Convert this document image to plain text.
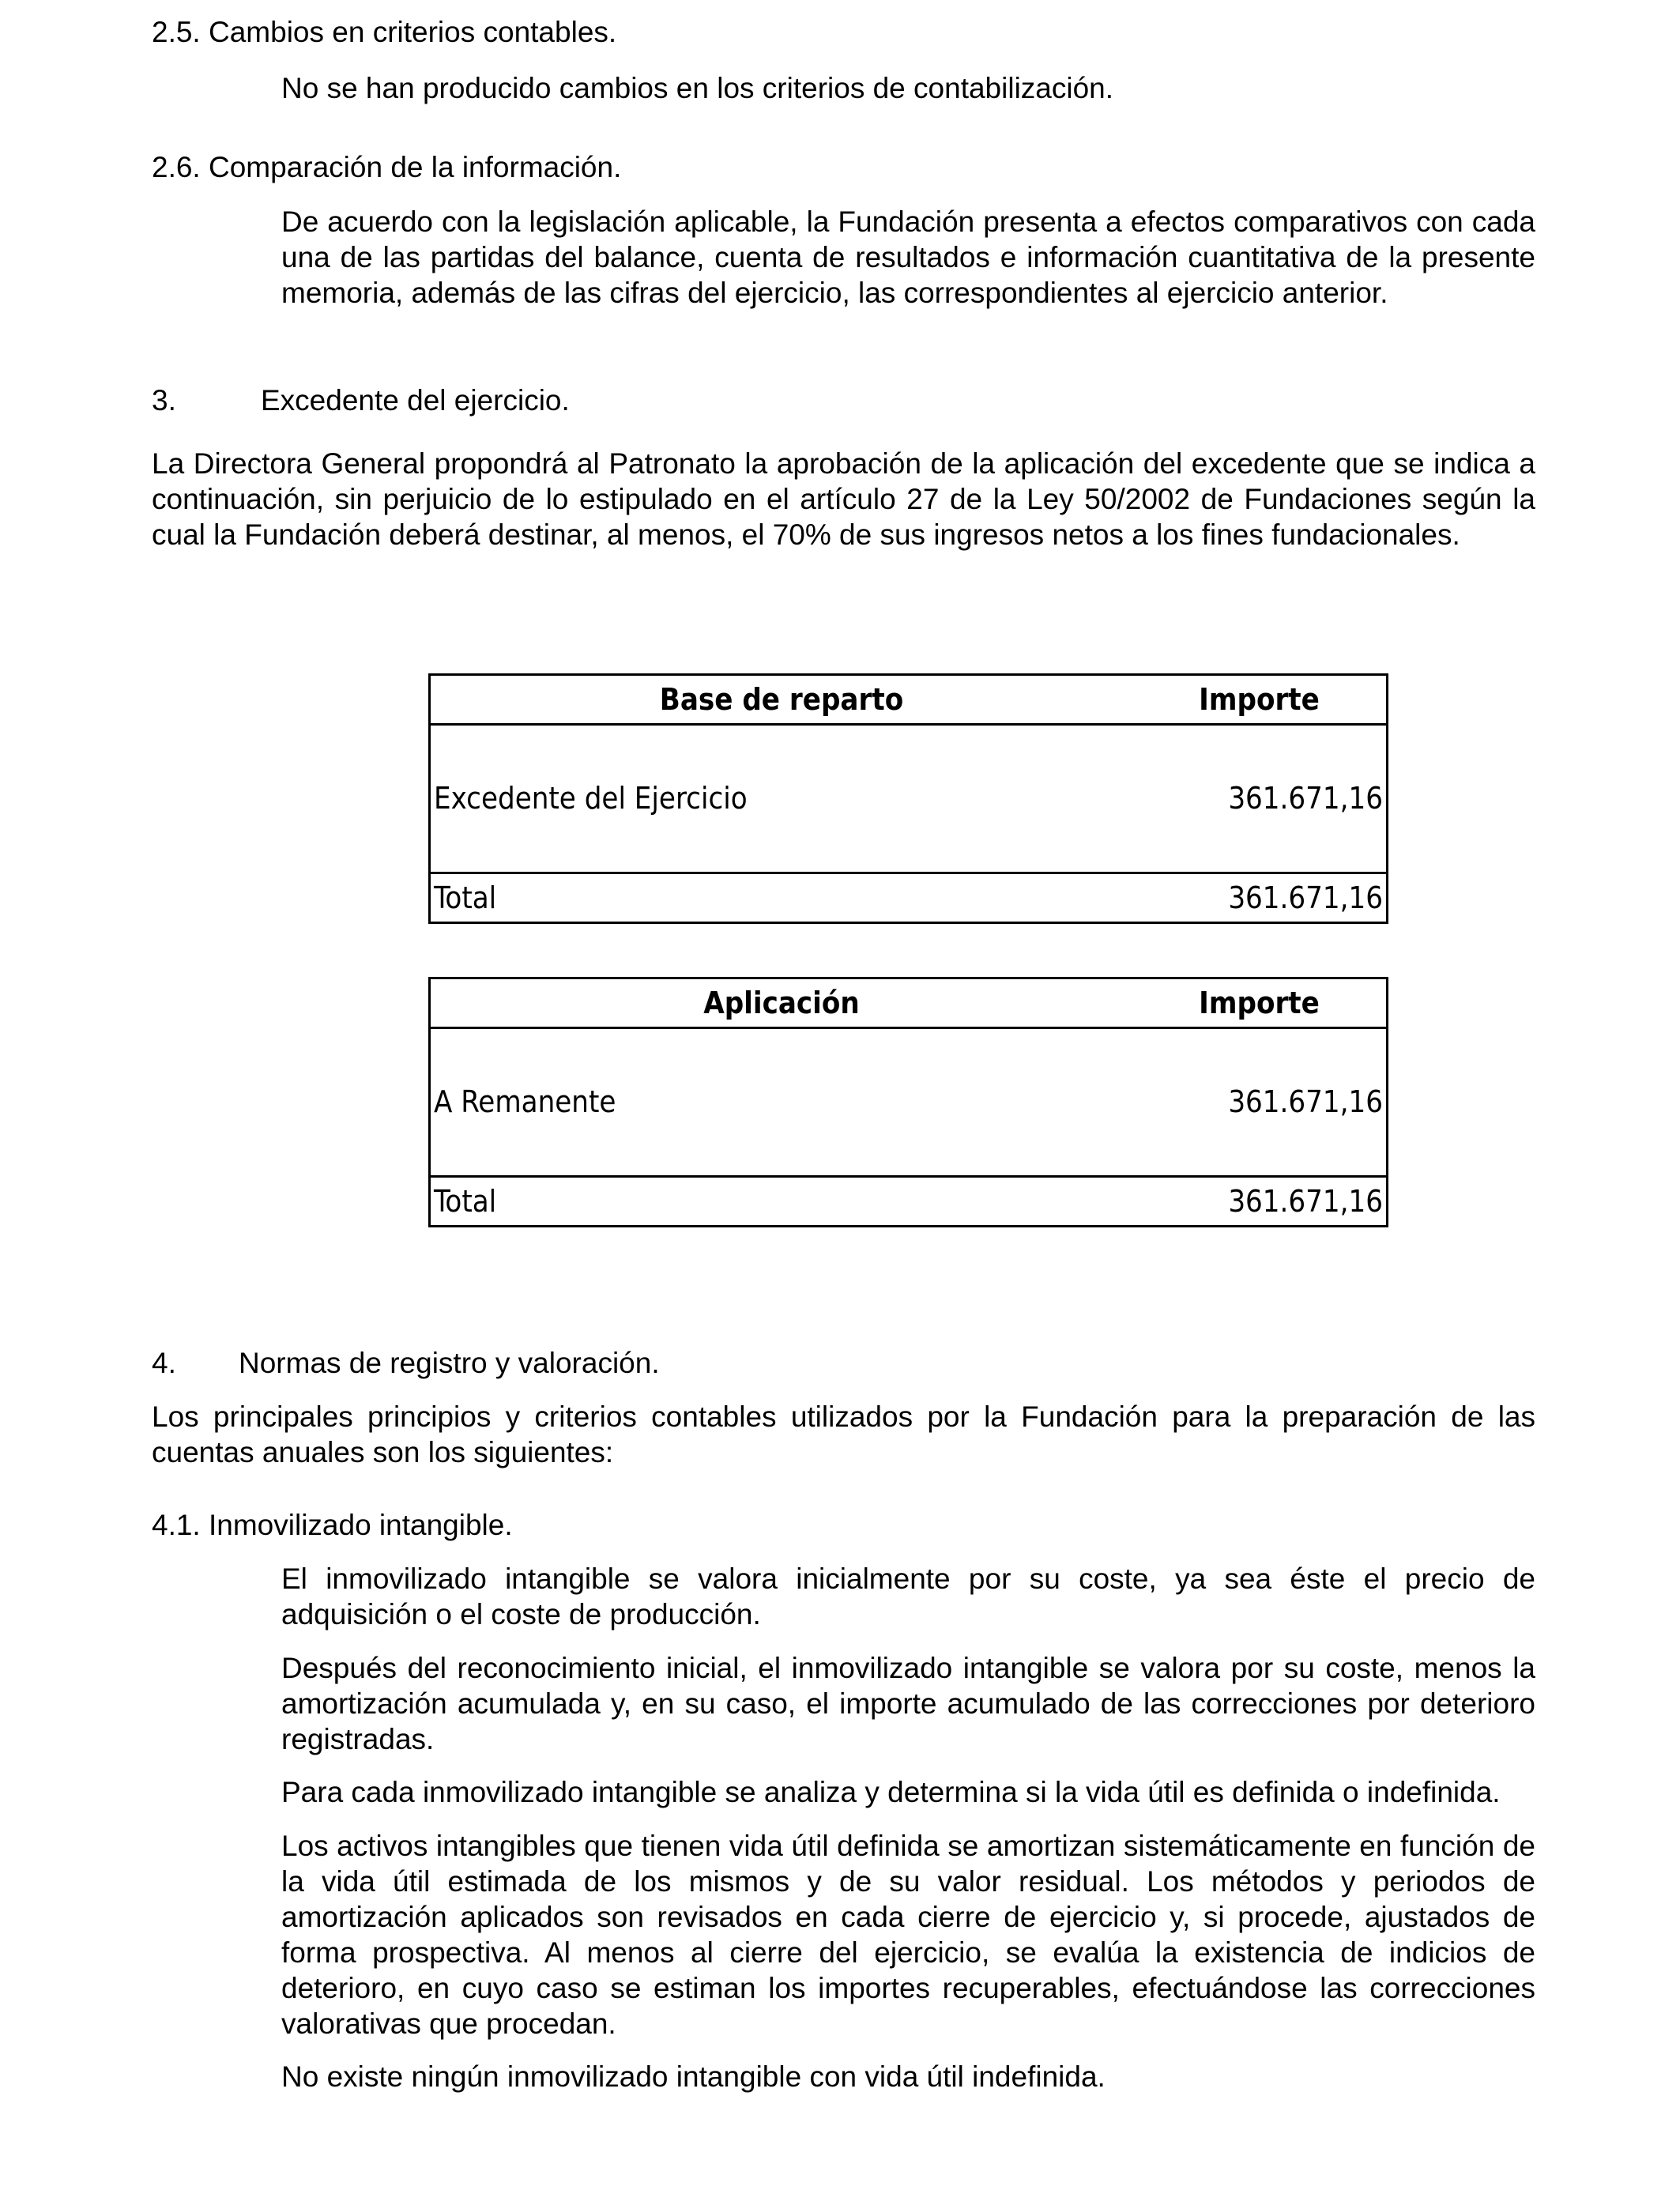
2.5. Cambios en criterios contables.

No se han producido cambios en los criterios de contabilización.

2.6. Comparación de la información.

De acuerdo con la legislación aplicable, la Fundación presenta a efectos comparativos con cada una de las partidas del balance, cuenta de resultados e información cuantitativa de la presente memoria, además de las cifras del ejercicio, las correspondientes al ejercicio anterior.

3.	Excedente del ejercicio.

La Directora General propondrá al Patronato la aprobación de la aplicación del excedente que se indica a continuación, sin perjuicio de lo estipulado en el artículo 27 de la Ley 50/2002 de Fundaciones según la cual la Fundación deberá destinar, al menos, el 70% de sus ingresos netos a los fines fundacionales.

Base de reparto	Importe
Excedente del Ejercicio	361.671,16
Total	361.671,16
Aplicación	Importe
A Remanente	361.671,16
Total	361.671,16
4. Normas de registro y valoración.

Los principales principios y criterios contables utilizados por la Fundación para la preparación de las cuentas anuales son los siguientes:

4.1. Inmovilizado intangible.

El inmovilizado intangible se valora inicialmente por su coste, ya sea éste el precio de adquisición o el coste de producción.

Después del reconocimiento inicial, el inmovilizado intangible se valora por su coste, menos la amortización acumulada y, en su caso, el importe acumulado de las correcciones por deterioro registradas.

Para cada inmovilizado intangible se analiza y determina si la vida útil es definida o indefinida.

Los activos intangibles que tienen vida útil definida se amortizan sistemáticamente en función de la vida útil estimada de los mismos y de su valor residual. Los métodos y periodos de amortización aplicados son revisados en cada cierre de ejercicio y, si procede, ajustados de forma prospectiva. Al menos al cierre del ejercicio, se evalúa la existencia de indicios de deterioro, en cuyo caso se estiman los importes recuperables, efectuándose las correcciones valorativas que procedan.

No existe ningún inmovilizado intangible con vida útil indefinida.
